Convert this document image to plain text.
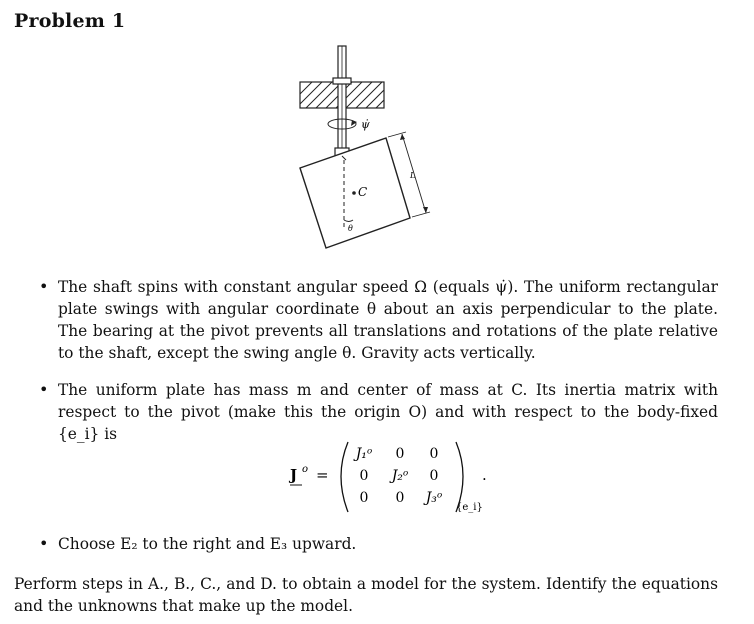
Problem 1
ψ̇
θ
C
L
• The shaft spins with constant angular speed Ω (equals ψ̇). The uniform rectangular plate swings with angular coordinate θ about an axis perpendicular to the plate. The bearing at the pivot prevents all translations and rotations of the plate relative to the shaft, except the swing angle θ. Gravity acts vertically.
• The uniform plate has mass m and center of mass at C. Its inertia matrix with respect to the pivot (make this the origin O) and with respect to the body-fixed {e_i} is
J o =
J₁ᵒ 0 0
0 J₂ᵒ 0
0 0 J₃ᵒ
{e_i}
.
• Choose E₂ to the right and E₃ upward.
Perform steps in A., B., C., and D. to obtain a model for the system. Identify the equations and the unknowns that make up the model.
